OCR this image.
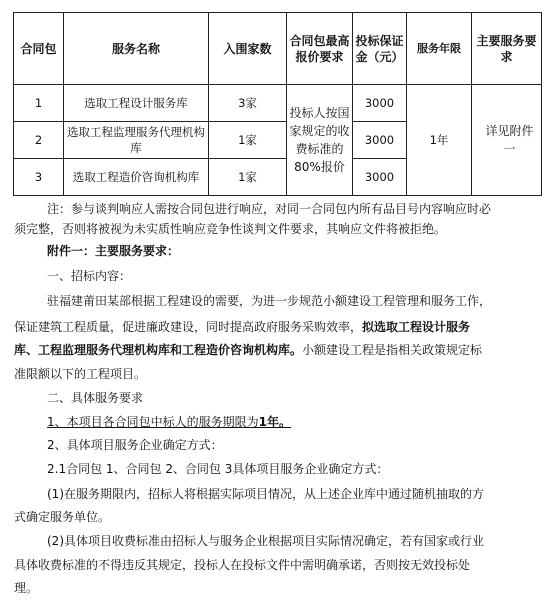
合同包	服务名称	入围家数	合同包最高报价要求	投标保证金（元）	服务年限	主要服务要求
1	选取工程设计服务库	3家	投标人按国家规定的收费标准的80%报价	3000	1年	详见附件一
2	选取工程监理服务代理机构库	1家		3000		
3	选取工程造价咨询机构库	1家		3000		
注：参与谈判响应人需按合同包进行响应，对同一合同包内所有品目号内容响应时必
须完整，否则将被视为未实质性响应竞争性谈判文件要求，其响应文件将被拒绝。
附件一：主要服务要求：
一、招标内容：
驻福建莆田某部根据工程建设的需要，为进一步规范小额建设工程管理和服务工作，
保证建筑工程质量，促进廉政建设，同时提高政府服务采购效率，拟选取工程设计服务
库、工程监理服务代理机构库和工程造价咨询机构库。小额建设工程是指相关政策规定标
准限额以下的工程项目。
二、具体服务要求
1、本项目各合同包中标人的服务期限为1年。
2、具体项目服务企业确定方式：
2.1合同包 1、合同包 2、合同包 3具体项目服务企业确定方式：
(1)在服务期限内，招标人将根据实际项目情况，从上述企业库中通过随机抽取的方
式确定服务单位。
(2)具体项目收费标准由招标人与服务企业根据项目实际情况确定，若有国家或行业
具体收费标准的不得违反其规定，投标人在投标文件中需明确承诺，否则按无效投标处
理。
